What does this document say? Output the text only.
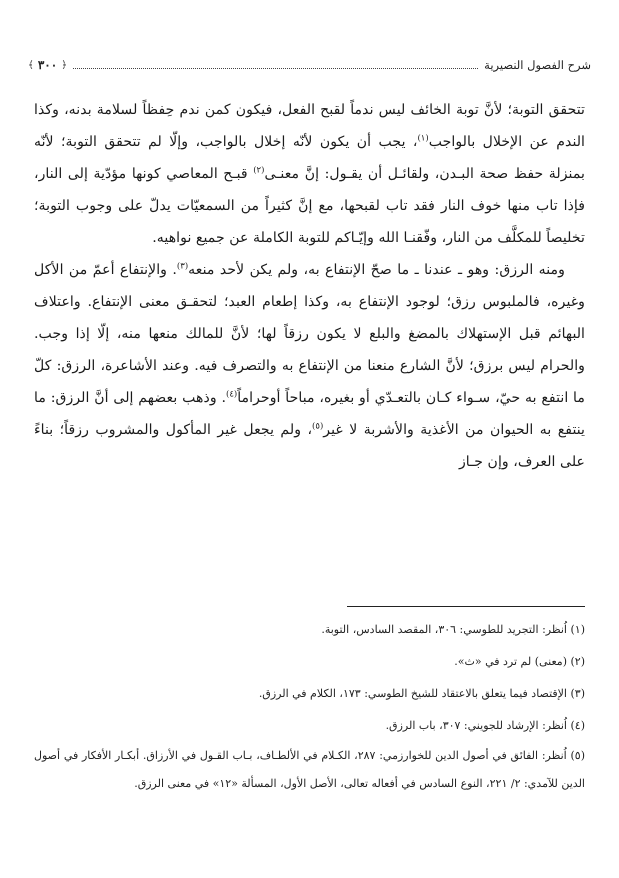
﴾ ٣٠٠ ﴿	شرح الفصول النصيرية

تتحقق التوبة؛ لأنَّ توبة الخائف ليس ندماً لقبح الفعل، فيكون كمن ندم حِفظاً لسلامة بدنه، وكذا الندم عن الإخلال بالواجب$^{(١)}$، يجب أن يكون لأنّه إخلال بالواجب، وإلّا لم تتحقق التوبة؛ لأنّه بمنزلة حفظ صحة البـدن، ولقائـل أن يقـول: إنَّ معنـى$^{(٢)}$ قبـح المعاصي كونها مؤدّية إلى النار، فإذا تاب منها خوف النار فقد تاب لقبحها، مع إنَّ كثيراً من السمعيّات يدلّ على وجوب التوبة؛ تخليصاً للمكلَّف من النار، وفّقنـا الله وإيّـاكم للتوبة الكاملة عن جميع نواهيه.

ومنه الرزق: وهو ـ عندنا ـ ما صحّ الإنتفاع به، ولم يكن لأحد منعه$^{(٣)}$. والإنتفاع أعمّ من الأكل وغيره، فالملبوس رزق؛ لوجود الإنتفاع به، وكذا إطعام العبد؛ لتحقـق معنى الإنتفاع. واعتلاف البهائم قبل الإستهلاك بالمضغ والبلع لا يكون رزقاً لها؛ لأنَّ للمالك منعها منه، إلّا إذا وجب. والحرام ليس برزق؛ لأنَّ الشارع منعنا من الإنتفاع به والتصرف فيه. وعند الأشاعرة، الرزق: كلّ ما انتفع به حيّ، سـواء كـان بالتعـدّي أو بغيره، مباحاً أوحراماً$^{(٤)}$. وذهب بعضهم إلى أنَّ الرزق: ما ينتفع به الحيوان من الأغذية والأشربة لا غير$^{(٥)}$، ولم يجعل غير المأكول والمشروب رزقاً؛ بناءً على العرف، وإن جـاز

(١) اُنظر: التجريد للطوسي: ٣٠٦، المقصد السادس، التوبة.

(٢) (معنى) لم ترد في «ث».

(٣) الإقتصاد فيما يتعلق بالاعتقاد للشيخ الطوسي: ١٧٣، الكلام في الرزق.

(٤) اُنظر: الإرشاد للجويني: ٣٠٧، باب الرزق.

(٥) اُنظر: الفائق في أصول الدين للخوارزمي: ٢٨٧، الكـلام في الألطـاف، بـاب القـول في الأرزاق. أبكـار الأفكار في أصول الدين للآمدي: ٢/ ٢٢١، النوع السادس في أفعاله تعالى، الأصل الأول، المسألة «١٢» في معنى الرزق.
